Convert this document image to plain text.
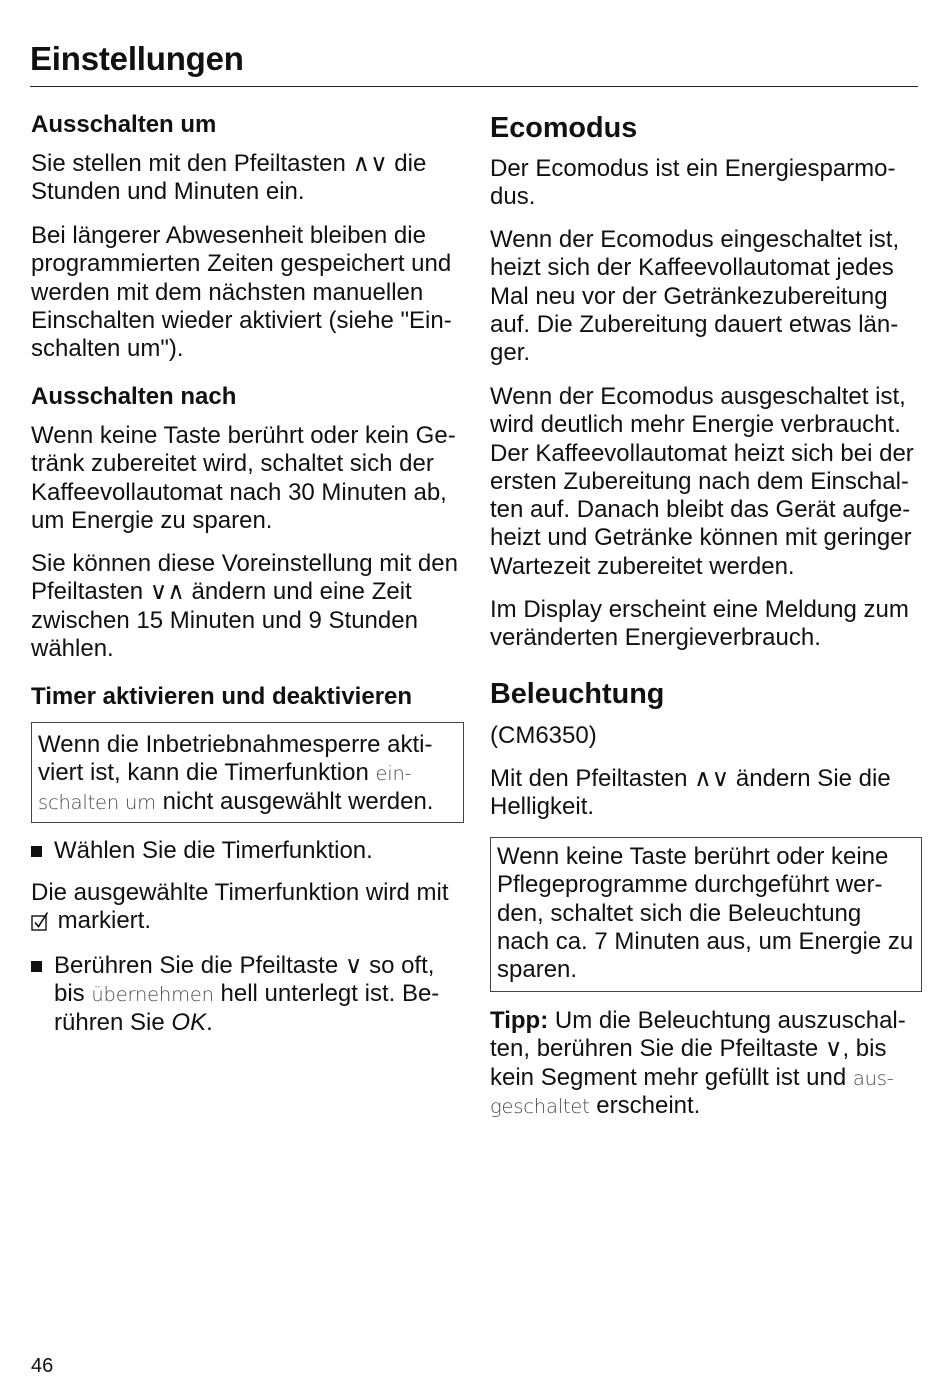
Einstellungen
Ausschalten um
Sie stellen mit den Pfeiltasten ∧∨ die
Stunden und Minuten ein.
Bei längerer Abwesenheit bleiben die
programmierten Zeiten gespeichert und
werden mit dem nächsten manuellen
Einschalten wieder aktiviert (siehe "Ein-
schalten um").
Ausschalten nach
Wenn keine Taste berührt oder kein Ge-
tränk zubereitet wird, schaltet sich der
Kaffeevollautomat nach 30 Minuten ab,
um Energie zu sparen.
Sie können diese Voreinstellung mit den
Pfeiltasten ∨∧ ändern und eine Zeit
zwischen 15 Minuten und 9 Stunden
wählen.
Timer aktivieren und deaktivieren
Wenn die Inbetriebnahmesperre akti-
viert ist, kann die Timerfunktion ein-
schalten um nicht ausgewählt werden.
Wählen Sie die Timerfunktion.
Die ausgewählte Timerfunktion wird mit
markiert.
Berühren Sie die Pfeiltaste ∨ so oft,
bis übernehmen hell unterlegt ist. Be-
rühren Sie OK.
Ecomodus
Der Ecomodus ist ein Energiesparmo-
dus.
Wenn der Ecomodus eingeschaltet ist,
heizt sich der Kaffeevollautomat jedes
Mal neu vor der Getränkezubereitung
auf. Die Zubereitung dauert etwas län-
ger.
Wenn der Ecomodus ausgeschaltet ist,
wird deutlich mehr Energie verbraucht.
Der Kaffeevollautomat heizt sich bei der
ersten Zubereitung nach dem Einschal-
ten auf. Danach bleibt das Gerät aufge-
heizt und Getränke können mit geringer
Wartezeit zubereitet werden.
Im Display erscheint eine Meldung zum
veränderten Energieverbrauch.
Beleuchtung
(CM6350)
Mit den Pfeiltasten ∧∨ ändern Sie die
Helligkeit.
Wenn keine Taste berührt oder keine
Pflegeprogramme durchgeführt wer-
den, schaltet sich die Beleuchtung
nach ca. 7 Minuten aus, um Energie zu
sparen.
Tipp: Um die Beleuchtung auszuschal-
ten, berühren Sie die Pfeiltaste ∨, bis
kein Segment mehr gefüllt ist und aus-
geschaltet erscheint.
46
